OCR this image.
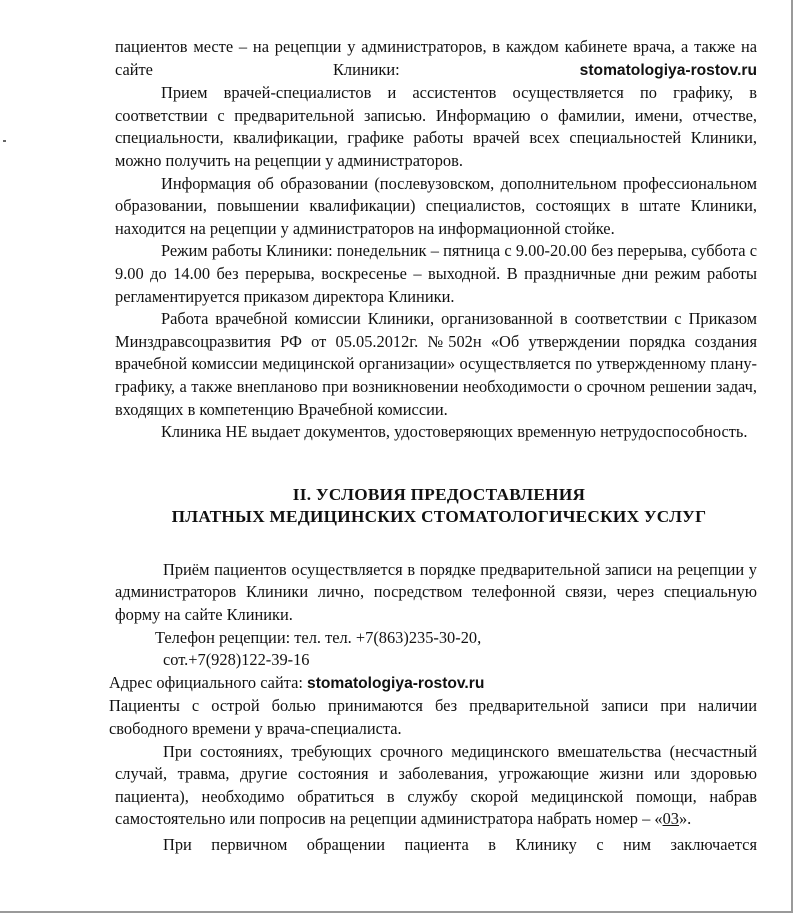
пациентов месте – на рецепции у администраторов, в каждом кабинете врача, а также на сайте Клиники: stomatologiya-rostov.ru

Прием врачей-специалистов и ассистентов осуществляется по графику, в соответствии с предварительной записью. Информацию о фамилии, имени, отчестве, специальности, квалификации, графике работы врачей всех специальностей Клиники, можно получить на рецепции у администраторов.

Информация об образовании (послевузовском, дополнительном профессиональном образовании, повышении квалификации) специалистов, состоящих в штате Клиники, находится на рецепции у администраторов на информационной стойке.

Режим работы Клиники: понедельник – пятница с 9.00-20.00 без перерыва, суббота с 9.00 до 14.00 без перерыва, воскресенье – выходной. В праздничные дни режим работы регламентируется приказом директора Клиники.

Работа врачебной комиссии Клиники, организованной в соответствии с Приказом Минздравсоцразвития РФ от 05.05.2012г. №502н «Об утверждении порядка создания врачебной комиссии медицинской организации» осуществляется по утвержденному плану-графику, а также внепланово при возникновении необходимости о срочном решении задач, входящих в компетенцию Врачебной комиссии.

Клиника НЕ выдает документов, удостоверяющих временную нетрудоспособность.

II. УСЛОВИЯ ПРЕДОСТАВЛЕНИЯ
ПЛАТНЫХ МЕДИЦИНСКИХ СТОМАТОЛОГИЧЕСКИХ УСЛУГ

Приём пациентов осуществляется в порядке предварительной записи на рецепции у администраторов Клиники лично, посредством телефонной связи, через специальную форму на сайте Клиники.

Телефон рецепции: тел. тел. +7(863)235-30-20,

сот.+7(928)122-39-16

Адрес официального сайта: stomatologiya-rostov.ru

Пациенты с острой болью принимаются без предварительной записи при наличии свободного времени у врача-специалиста.

При состояниях, требующих срочного медицинского вмешательства (несчастный случай, травма, другие состояния и заболевания, угрожающие жизни или здоровью пациента), необходимо обратиться в службу скорой медицинской помощи, набрав самостоятельно или попросив на рецепции администратора набрать номер – «03».

При первичном обращении пациента в Клинику с ним заключается
